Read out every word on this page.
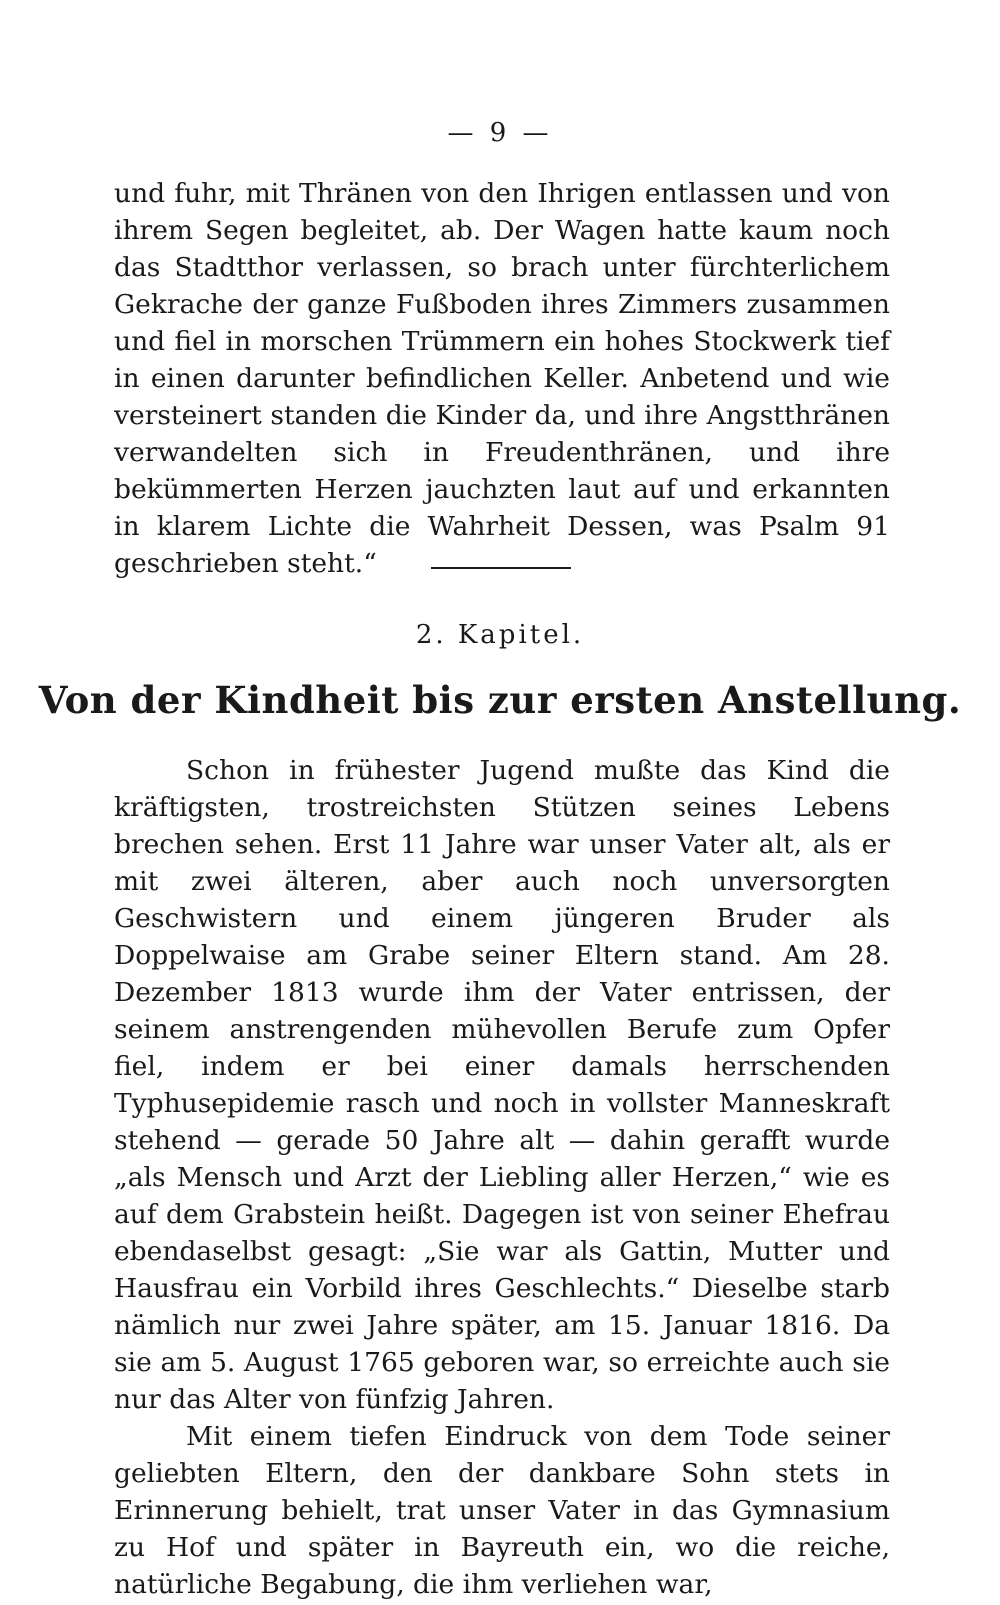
— 9 —

und fuhr, mit Thränen von den Ihrigen entlassen und von ihrem Segen begleitet, ab. Der Wagen hatte kaum noch das Stadtthor verlassen, so brach unter fürchterlichem Gekrache der ganze Fußboden ihres Zimmers zusammen und fiel in morschen Trümmern ein hohes Stockwerk tief in einen darunter befindlichen Keller. Anbetend und wie versteinert standen die Kinder da, und ihre Angstthränen verwandelten sich in Freudenthränen, und ihre bekümmerten Herzen jauchzten laut auf und erkannten in klarem Lichte die Wahrheit Dessen, was Psalm 91 geschrieben steht.“

2. Kapitel.
Von der Kindheit bis zur ersten Anstellung.

Schon in frühester Jugend mußte das Kind die kräftigsten, trostreichsten Stützen seines Lebens brechen sehen. Erst 11 Jahre war unser Vater alt, als er mit zwei älteren, aber auch noch unversorgten Geschwistern und einem jüngeren Bruder als Doppelwaise am Grabe seiner Eltern stand. Am 28. Dezember 1813 wurde ihm der Vater entrissen, der seinem anstrengenden mühevollen Berufe zum Opfer fiel, indem er bei einer damals herrschenden Typhusepidemie rasch und noch in vollster Manneskraft stehend — gerade 50 Jahre alt — dahin gerafft wurde „als Mensch und Arzt der Liebling aller Herzen,“ wie es auf dem Grabstein heißt. Dagegen ist von seiner Ehefrau ebendaselbst gesagt: „Sie war als Gattin, Mutter und Hausfrau ein Vorbild ihres Geschlechts.“ Dieselbe starb nämlich nur zwei Jahre später, am 15. Januar 1816. Da sie am 5. August 1765 geboren war, so erreichte auch sie nur das Alter von fünfzig Jahren.

Mit einem tiefen Eindruck von dem Tode seiner geliebten Eltern, den der dankbare Sohn stets in Erinnerung behielt, trat unser Vater in das Gymnasium zu Hof und später in Bayreuth ein, wo die reiche, natürliche Begabung, die ihm verliehen war,
